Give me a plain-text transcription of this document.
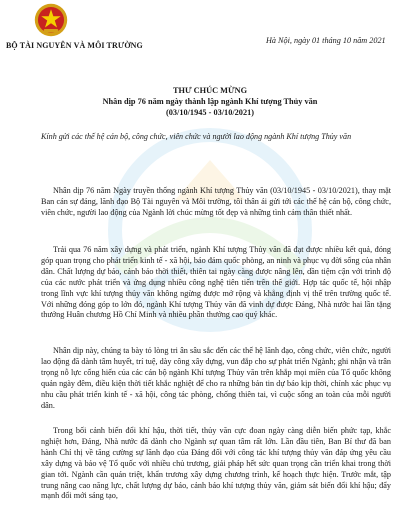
BỘ TÀI NGUYÊN VÀ MÔI TRƯỜNG
Hà Nội, ngày 01 tháng 10 năm 2021
THƯ CHÚC MỪNG
Nhân dịp 76 năm ngày thành lập ngành Khí tượng Thủy văn
(03/10/1945 - 03/10/2021)
Kính gửi các thế hệ cán bộ, công chức, viên chức và người lao động ngành Khí tượng Thủy văn
Nhân dịp 76 năm Ngày truyền thống ngành Khí tượng Thủy văn (03/10/1945 - 03/10/2021), thay mặt Ban cán sự đảng, lãnh đạo Bộ Tài nguyên và Môi trường, tôi thân ái gửi tới các thế hệ cán bộ, công chức, viên chức, người lao động của Ngành lời chúc mừng tốt đẹp và những tình cảm thân thiết nhất.
Trải qua 76 năm xây dựng và phát triển, ngành Khí tượng Thủy văn đã đạt được nhiều kết quả, đóng góp quan trọng cho phát triển kinh tế - xã hội, bảo đảm quốc phòng, an ninh và phục vụ đời sống của nhân dân. Chất lượng dự báo, cảnh báo thời thiết, thiên tai ngày càng được nâng lên, dần tiệm cận với trình độ của các nước phát triển và ứng dụng nhiều công nghệ tiên tiến trên thế giới. Hợp tác quốc tế, hội nhập trong lĩnh vực khí tượng thủy văn không ngừng được mở rộng và khẳng định vị thế trên trường quốc tế. Với những đóng góp to lớn đó, ngành Khí tượng Thủy văn đã vinh dự được Đảng, Nhà nước hai lần tặng thưởng Huân chương Hồ Chí Minh và nhiều phần thưởng cao quý khác.
Nhân dịp này, chúng ta bày tỏ lòng tri ân sâu sắc đến các thế hệ lãnh đạo, công chức, viên chức, người lao động đã dành tâm huyết, trí tuệ, dày công xây dựng, vun đắp cho sự phát triển Ngành; ghi nhận và trân trọng nỗ lực cống hiến của các cán bộ ngành Khí tượng Thủy văn trên khắp mọi miền của Tổ quốc không quản ngày đêm, điều kiện thời tiết khắc nghiệt để cho ra những bản tin dự báo kịp thời, chính xác phục vụ nhu cầu phát triển kinh tế - xã hội, công tác phòng, chống thiên tai, vì cuộc sống an toàn của mỗi người dân.
Trong bối cảnh biến đổi khí hậu, thời tiết, thủy văn cực đoan ngày càng diễn biến phức tạp, khắc nghiệt hơn, Đảng, Nhà nước đã dành cho Ngành sự quan tâm rất lớn. Lần đầu tiên, Ban Bí thư đã ban hành Chỉ thị về tăng cường sự lãnh đạo của Đảng đối với công tác khí tượng thủy văn đáp ứng yêu cầu xây dựng và bảo vệ Tổ quốc với nhiều chủ trương, giải pháp hết sức quan trọng cần triển khai trong thời gian tới. Ngành cần quán triệt, khẩn trương xây dựng chương trình, kế hoạch thực hiện. Trước mắt, tập trung nâng cao năng lực, chất lượng dự báo, cảnh báo khí tượng thủy văn, giám sát biến đổi khí hậu; đẩy mạnh đổi mới sáng tạo,
